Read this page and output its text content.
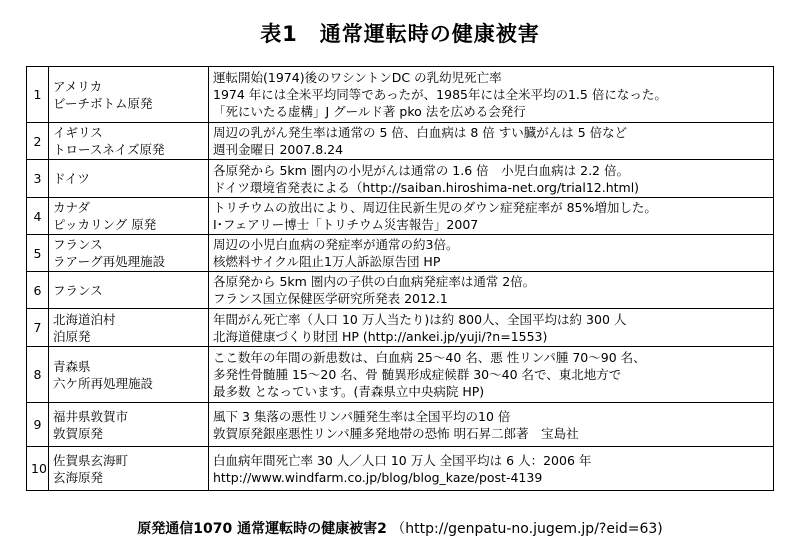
表1　通常運転時の健康被害
1	アメリカ
ビーチボトム原発	運転開始(1974)後のワシントンDC の乳幼児死亡率
1974 年には全米平均同等であったが、1985年には全米平均の1.5 倍になった。
「死にいたる虚構」J グールド著 pko 法を広める会発行

2	イギリス
トロースネイズ原発	周辺の乳がん発生率は通常の 5 倍、白血病は 8 倍 すい臓がんは 5 倍など
週刊金曜日 2007.8.24

3	ドイツ	各原発から 5km 圏内の小児がんは通常の 1.6 倍　小児白血病は 2.2 倍。
ドイツ環境省発表による（http://saiban.hiroshima-net.org/trial12.html)

4	カナダ
ピッカリング 原発	トリチウムの放出により、周辺住民新生児のダウン症発症率が 85%増加した。
I･フェアリー博士「トリチウム災害報告」2007

5	フランス
ラアーグ再処理施設	周辺の小児白血病の発症率が通常の約3倍。
核燃料サイクル阻止1万人訴訟原告団 HP

6	フランス	各原発から 5km 圏内の子供の白血病発症率は通常 2倍。
フランス国立保健医学研究所発表 2012.1

7	北海道泊村
泊原発	年間がん死亡率（人口 10 万人当たり)は約 800人、全国平均は約 300 人
北海道健康づくり財団 HP (http://ankei.jp/yuji/?n=1553)

8	青森県
六ケ所再処理施設	ここ数年の年間の新患数は、白血病 25～40 名、悪 性リンパ腫 70～90 名、
多発性骨髄腫 15～20 名、骨 髄異形成症候群 30～40 名で、東北地方で
最多数 となっています。(青森県立中央病院 HP)

9	福井県敦賀市
敦賀原発	風下 3 集落の悪性リンパ腫発生率は全国平均の10 倍
敦賀原発銀座悪性リンパ腫多発地帯の恐怖 明石昇二郎著　宝島社

10	佐賀県玄海町
玄海原発	白血病年間死亡率 30 人／人口 10 万人 全国平均は 6 人：2006 年
http://www.windfarm.co.jp/blog/blog_kaze/post-4139
原発通信1070 通常運転時の健康被害2 （http://genpatu-no.jugem.jp/?eid=63)
